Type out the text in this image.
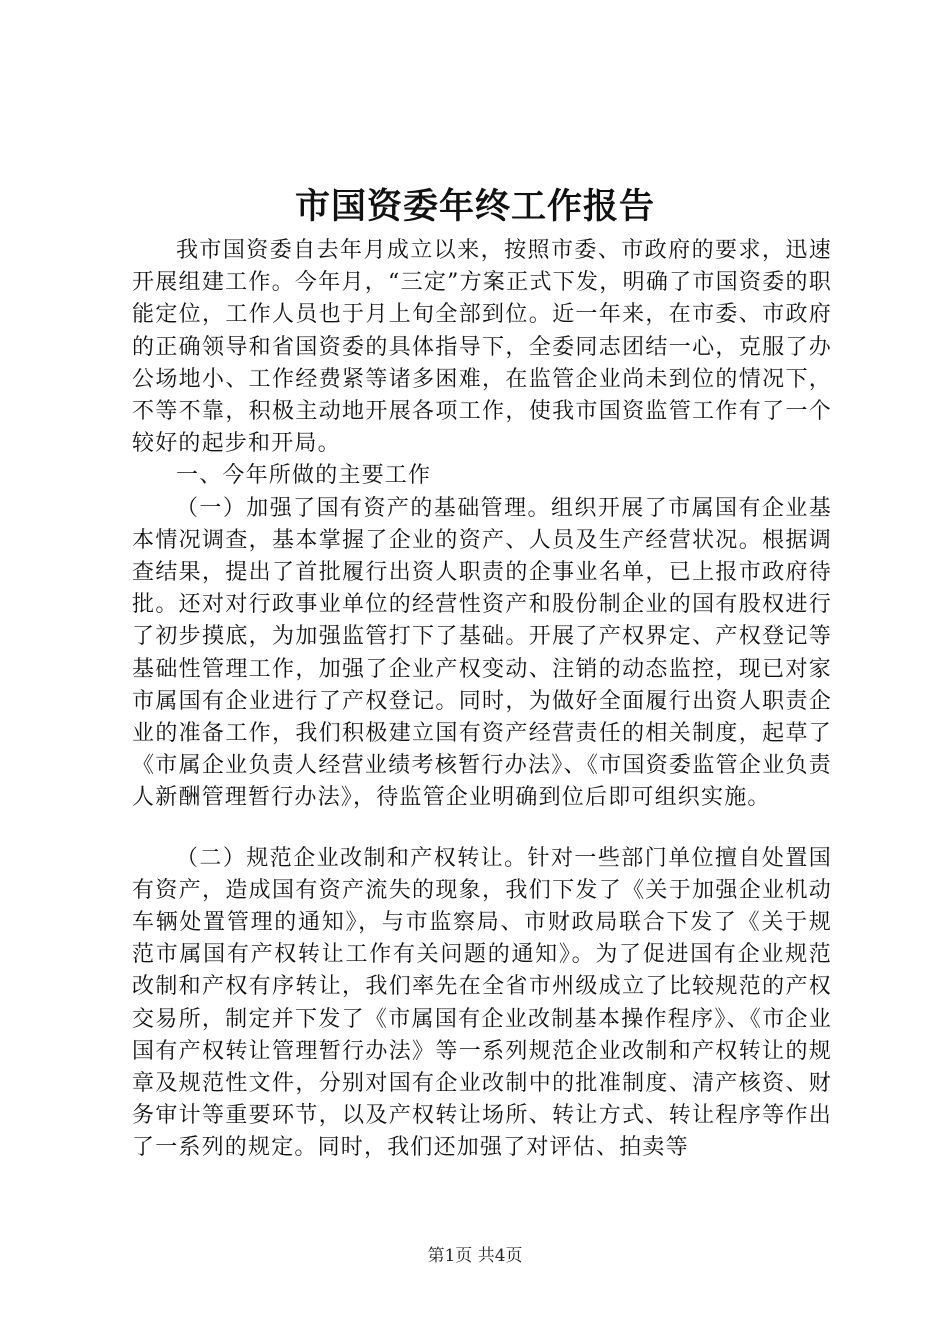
市国资委年终工作报告

我市国资委自去年月成立以来，按照市委、市政府的要求，迅速开展组建工作。今年月，“三定”方案正式下发，明确了市国资委的职能定位，工作人员也于月上旬全部到位。近一年来，在市委、市政府的正确领导和省国资委的具体指导下，全委同志团结一心，克服了办公场地小、工作经费紧等诸多困难，在监管企业尚未到位的情况下，不等不靠，积极主动地开展各项工作，使我市国资监管工作有了一个较好的起步和开局。

一、今年所做的主要工作

（一）加强了国有资产的基础管理。组织开展了市属国有企业基本情况调查，基本掌握了企业的资产、人员及生产经营状况。根据调查结果，提出了首批履行出资人职责的企事业名单，已上报市政府待批。还对对行政事业单位的经营性资产和股份制企业的国有股权进行了初步摸底，为加强监管打下了基础。开展了产权界定、产权登记等基础性管理工作，加强了企业产权变动、注销的动态监控，现已对家市属国有企业进行了产权登记。同时，为做好全面履行出资人职责企业的准备工作，我们积极建立国有资产经营责任的相关制度，起草了《市属企业负责人经营业绩考核暂行办法》、《市国资委监管企业负责人新酬管理暂行办法》，待监管企业明确到位后即可组织实施。

（二）规范企业改制和产权转让。针对一些部门单位擅自处置国有资产，造成国有资产流失的现象，我们下发了《关于加强企业机动车辆处置管理的通知》，与市监察局、市财政局联合下发了《关于规范市属国有产权转让工作有关问题的通知》。为了促进国有企业规范改制和产权有序转让，我们率先在全省市州级成立了比较规范的产权交易所，制定并下发了《市属国有企业改制基本操作程序》、《市企业国有产权转让管理暂行办法》等一系列规范企业改制和产权转让的规章及规范性文件，分别对国有企业改制中的批准制度、清产核资、财务审计等重要环节，以及产权转让场所、转让方式、转让程序等作出了一系列的规定。同时，我们还加强了对评估、拍卖等

第1页 共4页
